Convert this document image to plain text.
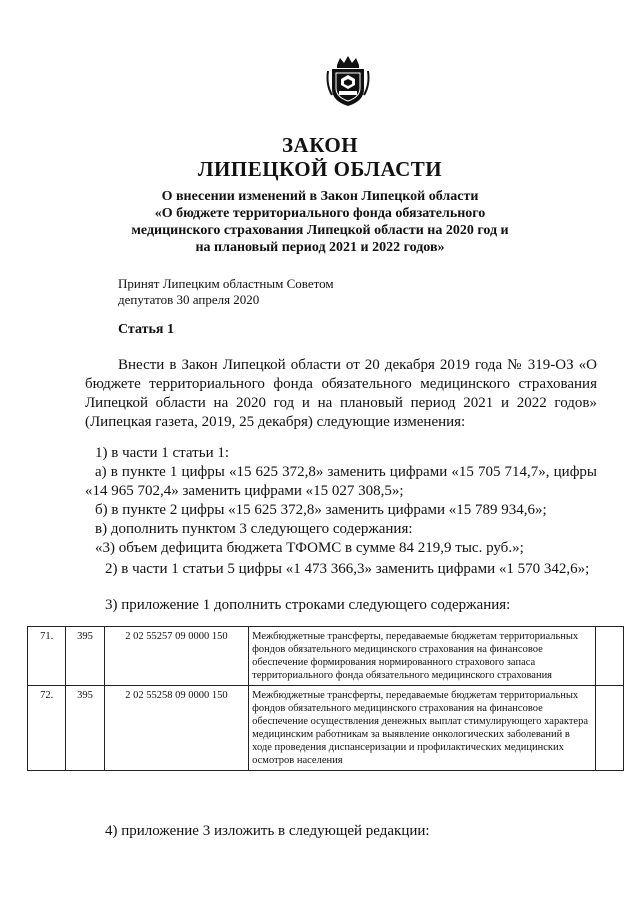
ЗАКОН
ЛИПЕЦКОЙ ОБЛАСТИ
О внесении изменений в Закон Липецкой области
«О бюджете территориального фонда обязательного
медицинского страхования Липецкой области на 2020 год и
на плановый период 2021 и 2022 годов»
Принят Липецким областным Советом
депутатов 30 апреля 2020
Статья 1
Внести в Закон Липецкой области от 20 декабря 2019 года № 319-ОЗ «О бюджете территориального фонда обязательного медицинского страхования Липецкой области на 2020 год и на плановый период 2021 и 2022 годов» (Липецкая газета, 2019, 25 декабря) следующие изменения:
1) в части 1 статьи 1:
а) в пункте 1 цифры «15 625 372,8» заменить цифрами «15 705 714,7», цифры «14 965 702,4» заменить цифрами «15 027 308,5»;
б) в пункте 2 цифры «15 625 372,8» заменить цифрами «15 789 934,6»;
в) дополнить пунктом 3 следующего содержания:
«3) объем дефицита бюджета ТФОМС в сумме 84 219,9 тыс. руб.»;
2) в части 1 статьи 5 цифры «1 473 366,3» заменить цифрами «1 570 342,6»;
3) приложение 1 дополнить строками следующего содержания:
71.	395	2 02 55257 09 0000 150	Межбюджетные трансферты, передаваемые бюджетам территориальных фондов обязательного медицинского страхования на финансовое обеспечение формирования нормированного страхового запаса территориального фонда обязательного медицинского страхования	
72.	395	2 02 55258 09 0000 150	Межбюджетные трансферты, передаваемые бюджетам территориальных фондов обязательного медицинского страхования на финансовое обеспечение осуществления денежных выплат стимулирующего характера медицинским работникам за выявление онкологических заболеваний в ходе проведения диспансеризации и профилактических медицинских осмотров населения	
4) приложение 3 изложить в следующей редакции:
